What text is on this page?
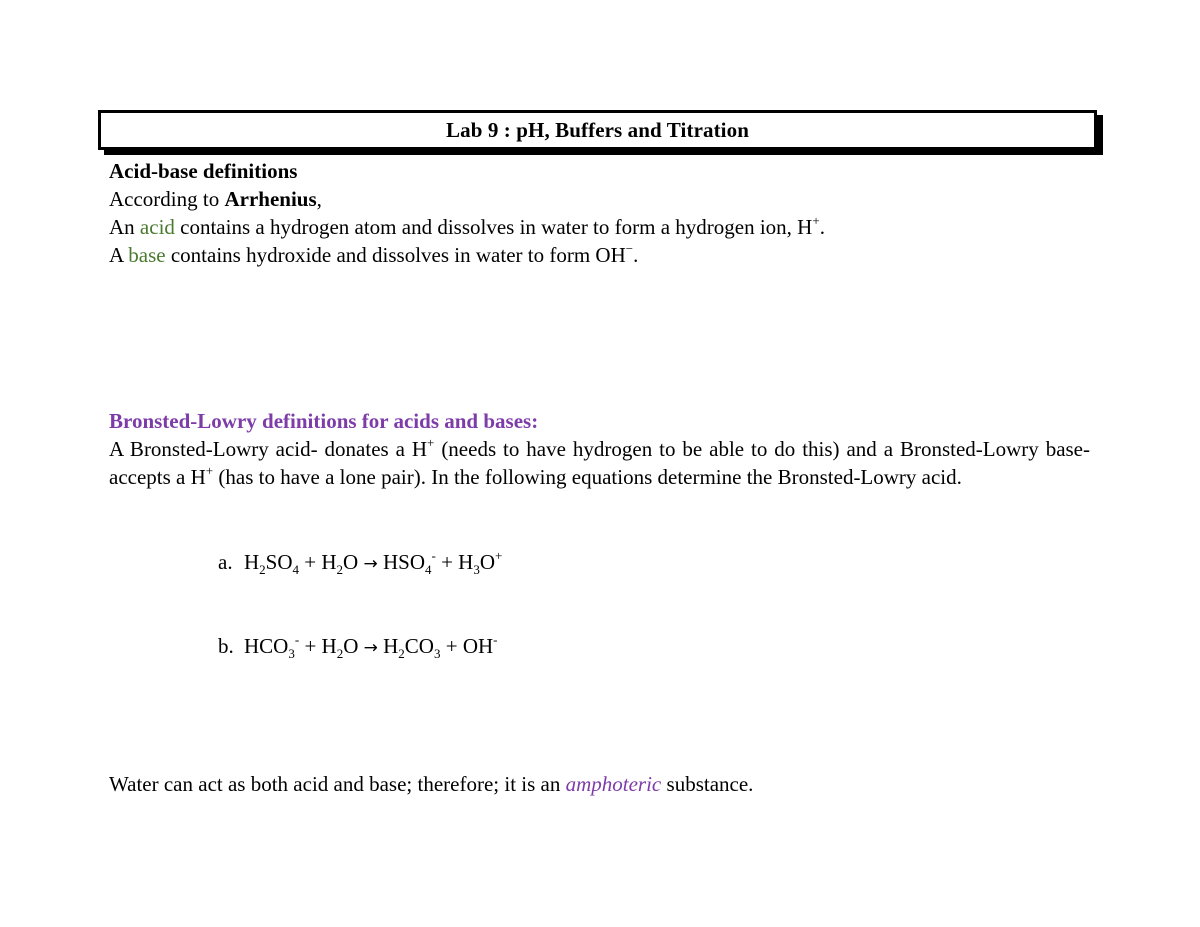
Lab 9 : pH, Buffers and Titration
Acid-base definitions
According to Arrhenius,
An acid contains a hydrogen atom and dissolves in water to form a hydrogen ion, H+.
A base contains hydroxide and dissolves in water to form OH−.
Bronsted-Lowry definitions for acids and bases:
A Bronsted-Lowry acid- donates a H+ (needs to have hydrogen to be able to do this) and a Bronsted-Lowry base- accepts a H+ (has to have a lone pair). In the following equations determine the Bronsted-Lowry acid.
a. $H_2SO_4 + H_2O \to HSO_4^- + H_3O^+$
b. $HCO_3^- + H_2O \to H_2CO_3 + OH^-$
Water can act as both acid and base; therefore; it is an amphoteric substance.
